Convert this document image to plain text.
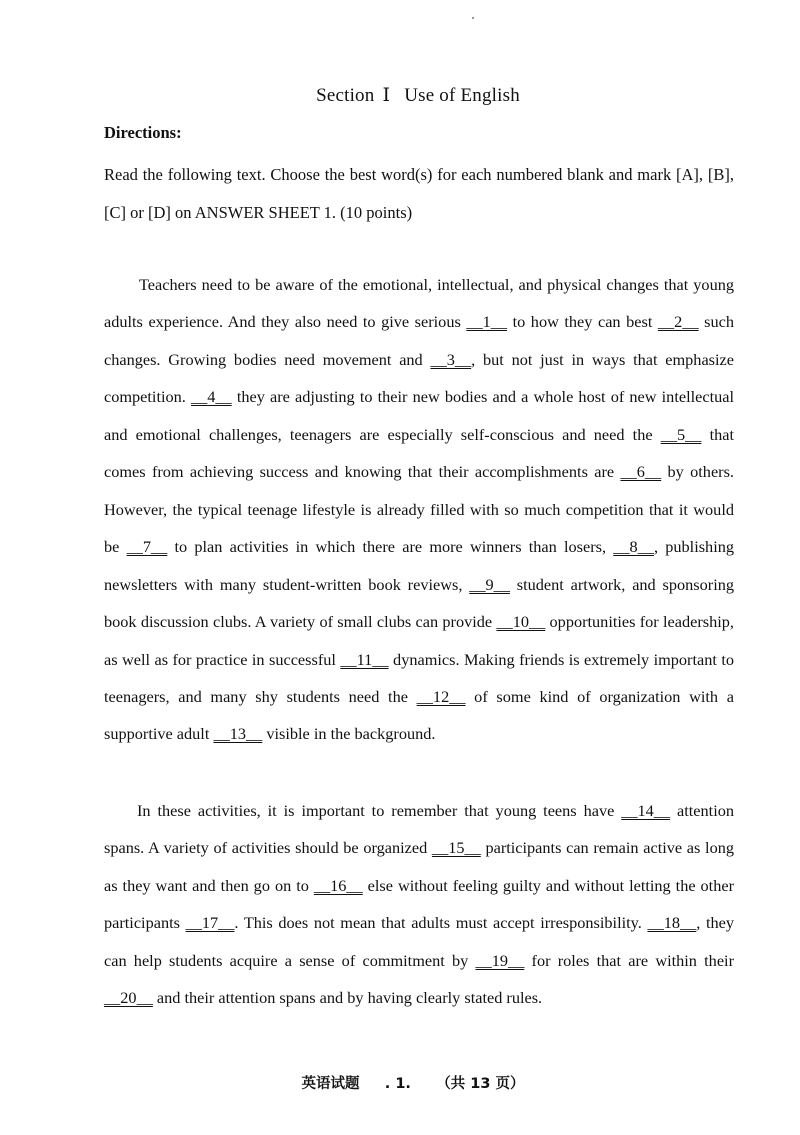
Section Ⅰ Use of English
Directions:
Read the following text. Choose the best word(s) for each numbered blank and mark [A], [B], [C] or [D] on ANSWER SHEET 1. (10 points)

Teachers need to be aware of the emotional, intellectual, and physical changes that young adults experience. And they also need to give serious __1__ to how they can best __2__ such changes. Growing bodies need movement and __3__, but not just in ways that emphasize competition. __4__ they are adjusting to their new bodies and a whole host of new intellectual and emotional challenges, teenagers are especially self-conscious and need the __5__ that comes from achieving success and knowing that their accomplishments are __6__ by others. However, the typical teenage lifestyle is already filled with so much competition that it would be __7__ to plan activities in which there are more winners than losers, __8__, publishing newsletters with many student-written book reviews, __9__ student artwork, and sponsoring book discussion clubs. A variety of small clubs can provide __10__ opportunities for leadership, as well as for practice in successful __11__ dynamics. Making friends is extremely important to teenagers, and many shy students need the __12__ of some kind of organization with a supportive adult __13__ visible in the background.

In these activities, it is important to remember that young teens have __14__ attention spans. A variety of activities should be organized __15__ participants can remain active as long as they want and then go on to __16__ else without feeling guilty and without letting the other participants __17__. This does not mean that adults must accept irresponsibility. __18__, they can help students acquire a sense of commitment by __19__ for roles that are within their __20__ and their attention spans and by having clearly stated rules.

英语试题 . 1. （共 13 页）
